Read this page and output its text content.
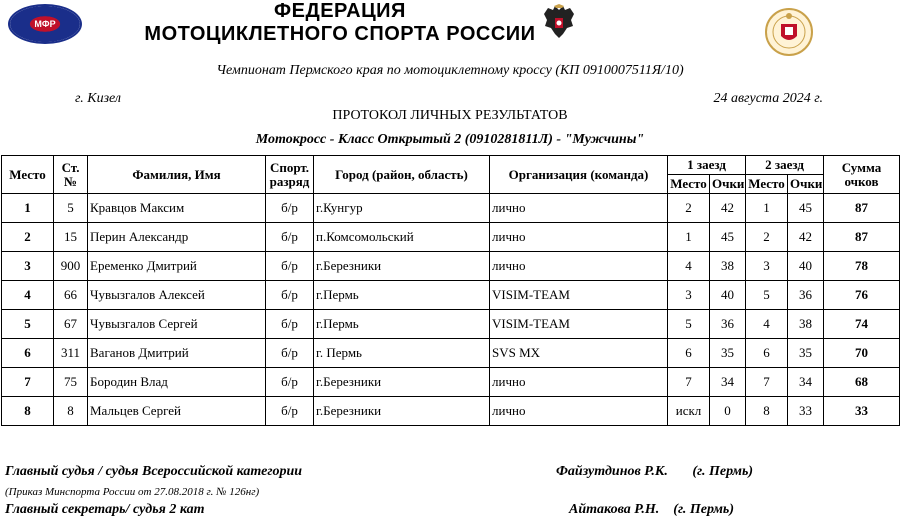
МФР
ФЕДЕРАЦИЯ
МОТОЦИКЛЕТНОГО СПОРТА РОССИИ
Чемпионат Пермского края по мотоциклетному кроссу (КП 0910007511Я/10)
г. Кизел	24 августа 2024 г.
ПРОТОКОЛ ЛИЧНЫХ РЕЗУЛЬТАТОВ
Мотокросс - Класс Открытый 2 (0910281811Л) - "Мужчины"
Место	Ст. №	Фамилия, Имя	Спорт. разряд	Город (район, область)	Организация (команда)	1 заезд		2 заезд		Сумма очков
						Место	Очки	Место	Очки	
1	5	Кравцов Максим	б/р	г.Кунгур	лично	2	42	1	45	87
2	15	Перин Александр	б/р	п.Комсомольский	лично	1	45	2	42	87
3	900	Еременко Дмитрий	б/р	г.Березники	лично	4	38	3	40	78
4	66	Чувызгалов Алексей	б/р	г.Пермь	VISIM-TEAM	3	40	5	36	76
5	67	Чувызгалов Сергей	б/р	г.Пермь	VISIM-TEAM	5	36	4	38	74
6	311	Ваганов Дмитрий	б/р	г. Пермь	SVS MX	6	35	6	35	70
7	75	Бородин Влад	б/р	г.Березники	лично	7	34	7	34	68
8	8	Мальцев Сергей	б/р	г.Березники	лично	искл	0	8	33	33
Главный судья / судья Всероссийской категории	Файзутдинов Р.К.       (г. Пермь)
(Приказ Минспорта России от 27.08.2018 г. № 126нг)
Главный секретарь/ судья 2 кат	Айтакова Р.Н.    (г. Пермь)
